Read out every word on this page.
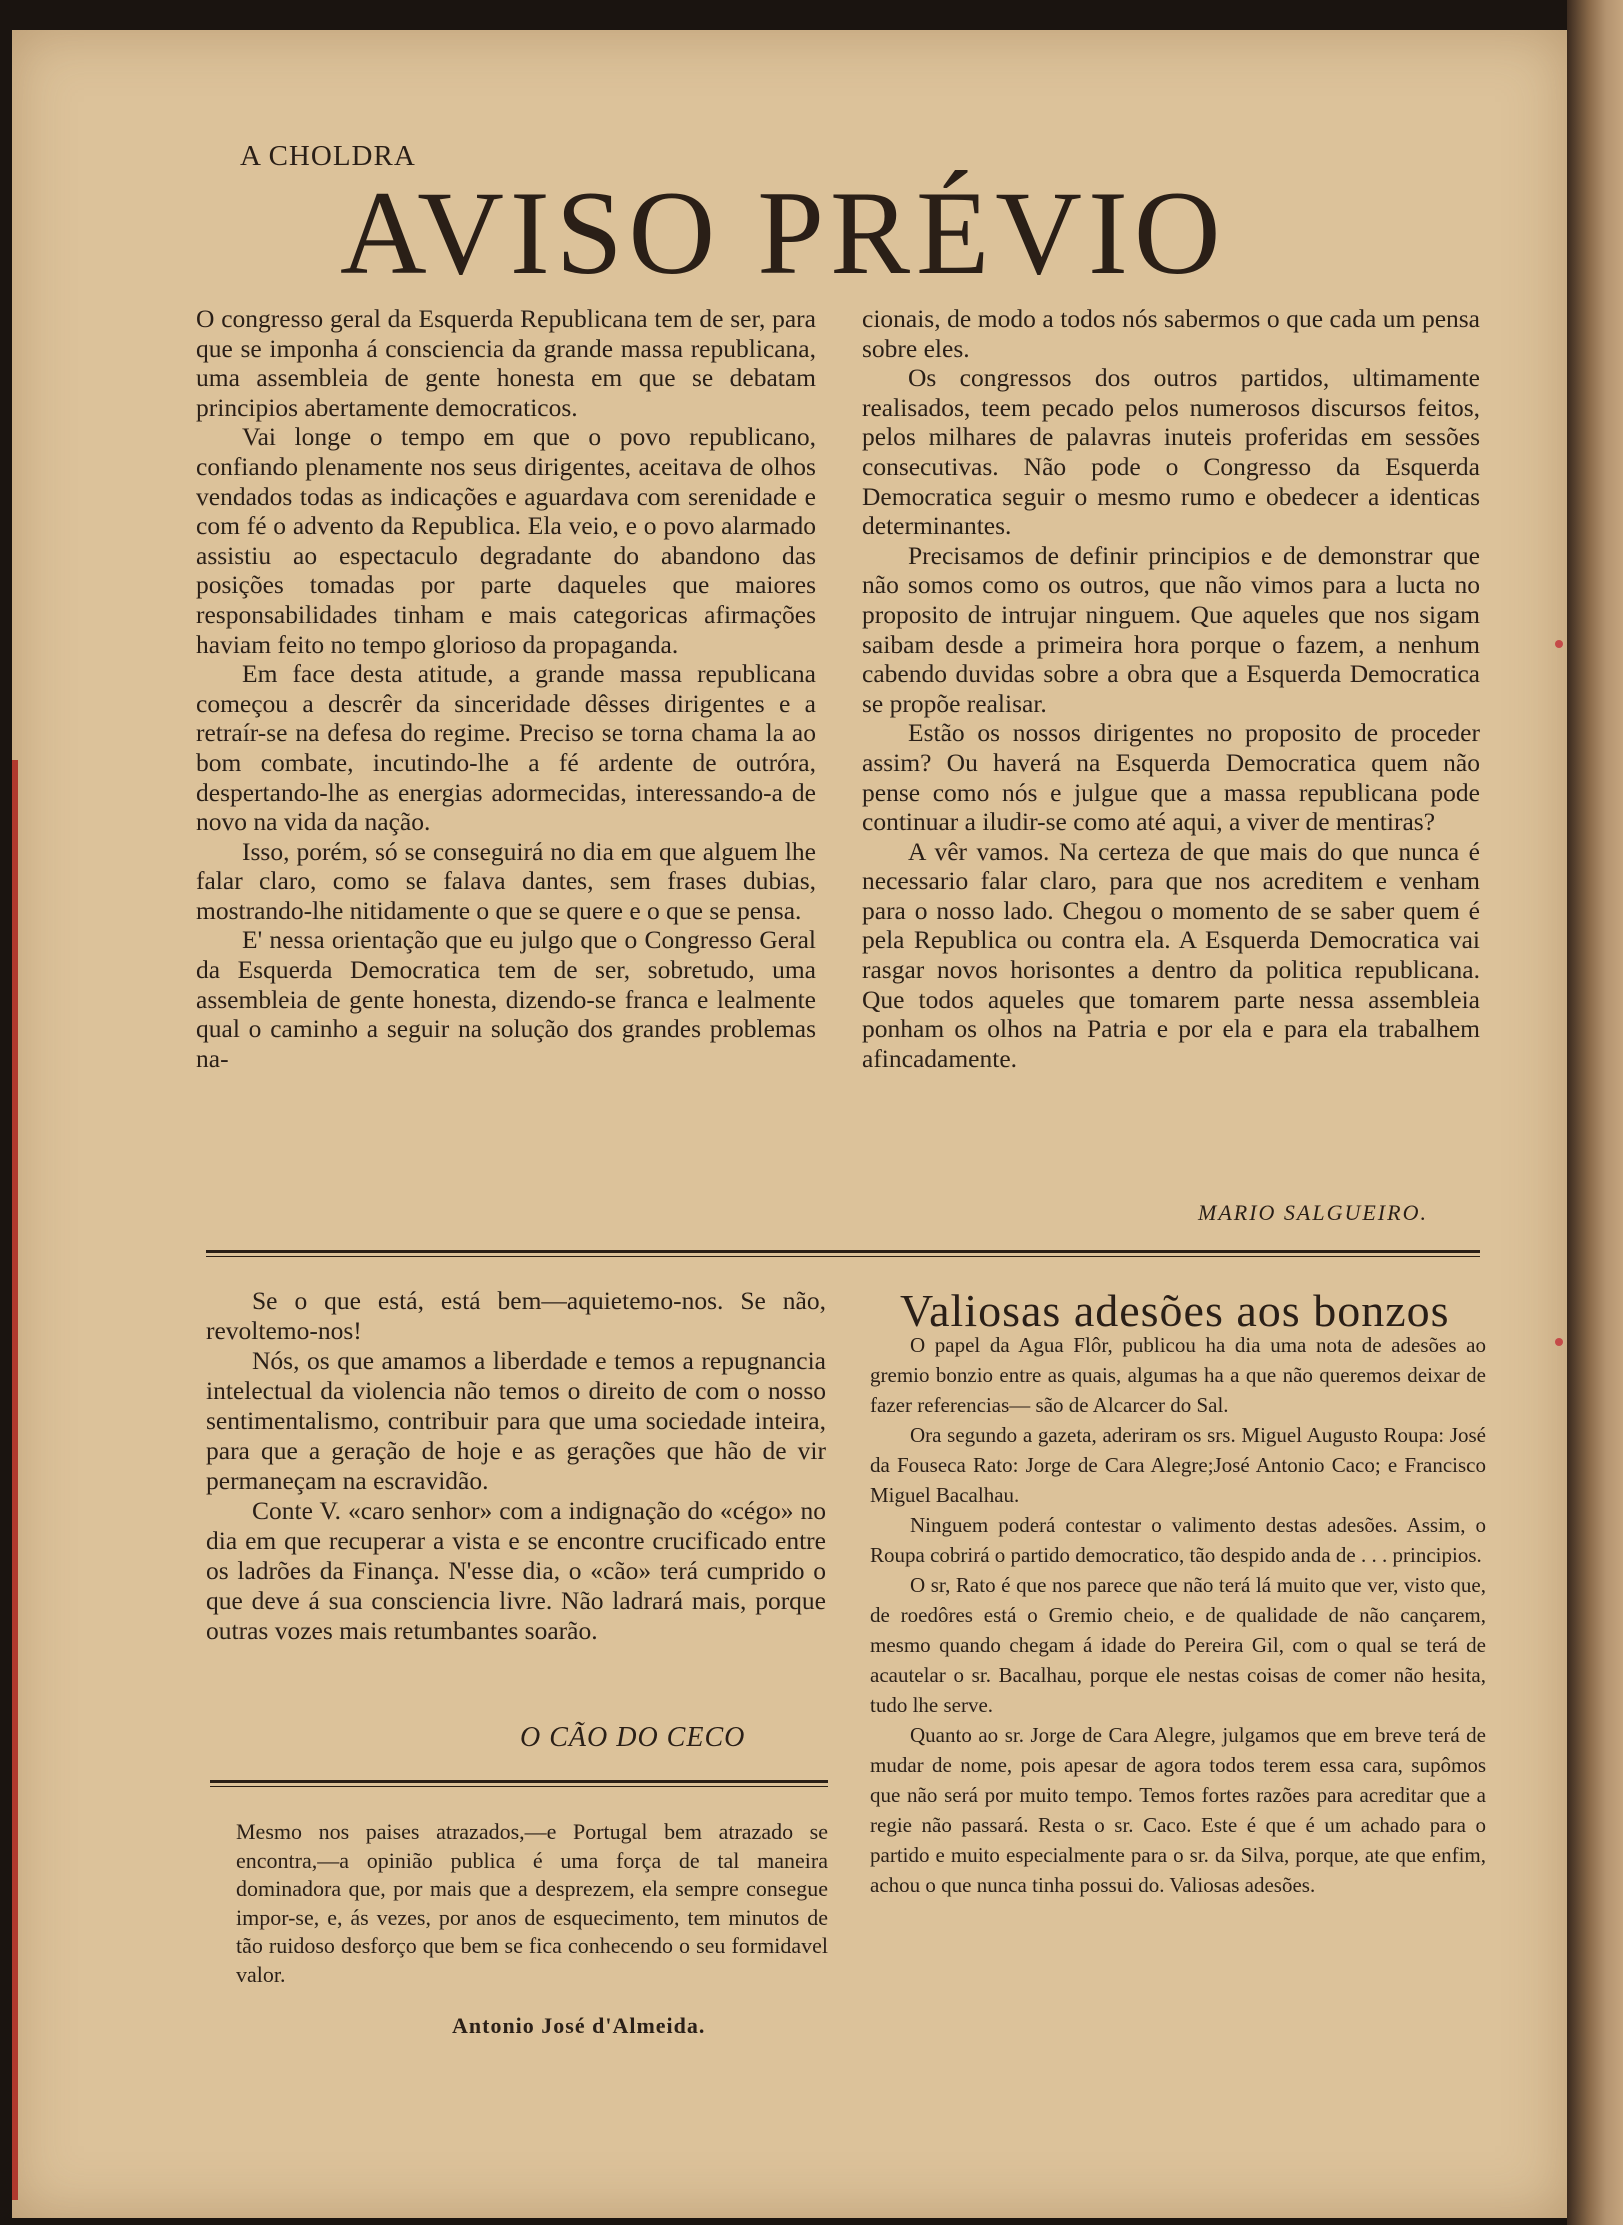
A CHOLDRA
AVISO PRÉVIO

O congresso geral da Esquerda Republicana tem de ser, para que se imponha á consciencia da grande massa republicana, uma assembleia de gente honesta em que se debatam principios abertamente democraticos.

Vai longe o tempo em que o povo republicano, confiando plenamente nos seus dirigentes, aceitava de olhos vendados todas as indicações e aguardava com serenidade e com fé o advento da Republica. Ela veio, e o povo alarmado assistiu ao espectaculo degradante do abandono das posições tomadas por parte daqueles que maiores responsabilidades tinham e mais categoricas afirmações haviam feito no tempo glorioso da propaganda.

Em face desta atitude, a grande massa republicana começou a descrêr da sinceridade dêsses dirigentes e a retraír-se na defesa do regime. Preciso se torna chama la ao bom combate, incutindo-lhe a fé ardente de outróra, despertando-lhe as energias adormecidas, interessando-a de novo na vida da nação.

Isso, porém, só se conseguirá no dia em que alguem lhe falar claro, como se falava dantes, sem frases dubias, mostrando-lhe nitidamente o que se quere e o que se pensa.

E' nessa orientação que eu julgo que o Congresso Geral da Esquerda Democratica tem de ser, sobretudo, uma assembleia de gente honesta, dizendo-se franca e lealmente qual o caminho a seguir na solução dos grandes problemas na-

cionais, de modo a todos nós sabermos o que cada um pensa sobre eles.

Os congressos dos outros partidos, ultimamente realisados, teem pecado pelos numerosos discursos feitos, pelos milhares de palavras inuteis proferidas em sessões consecutivas. Não pode o Congresso da Esquerda Democratica seguir o mesmo rumo e obedecer a identicas determinantes.

Precisamos de definir principios e de demonstrar que não somos como os outros, que não vimos para a lucta no proposito de intrujar ninguem. Que aqueles que nos sigam saibam desde a primeira hora porque o fazem, a nenhum cabendo duvidas sobre a obra que a Esquerda Democratica se propõe realisar.

Estão os nossos dirigentes no proposito de proceder assim? Ou haverá na Esquerda Democratica quem não pense como nós e julgue que a massa republicana pode continuar a iludir-se como até aqui, a viver de mentiras?

A vêr vamos. Na certeza de que mais do que nunca é necessario falar claro, para que nos acreditem e venham para o nosso lado. Chegou o momento de se saber quem é pela Republica ou contra ela. A Esquerda Democratica vai rasgar novos horisontes a dentro da politica republicana. Que todos aqueles que tomarem parte nessa assembleia ponham os olhos na Patria e por ela e para ela trabalhem afincadamente.

MARIO SALGUEIRO.

Se o que está, está bem—aquietemo-nos. Se não, revoltemo-nos!

Nós, os que amamos a liberdade e temos a repugnancia intelectual da violencia não temos o direito de com o nosso sentimentalismo, contribuir para que uma sociedade inteira, para que a geração de hoje e as gerações que hão de vir permaneçam na escravidão.

Conte V. «caro senhor» com a indignação do «cégo» no dia em que recuperar a vista e se encontre crucificado entre os ladrões da Finança. N'esse dia, o «cão» terá cumprido o que deve á sua consciencia livre. Não ladrará mais, porque outras vozes mais retumbantes soarão.

O CÃO DO CECO

Mesmo nos paises atrazados,—e Portugal bem atrazado se encontra,—a opinião publica é uma força de tal maneira dominadora que, por mais que a desprezem, ela sempre consegue impor-se, e, ás vezes, por anos de esquecimento, tem minutos de tão ruidoso desforço que bem se fica conhecendo o seu formidavel valor.

Antonio José d'Almeida.
Valiosas adesões aos bonzos

O papel da Agua Flôr, publicou ha dia uma nota de adesões ao gremio bonzio entre as quais, algumas ha a que não queremos deixar de fazer referencias— são de Alcarcer do Sal.

Ora segundo a gazeta, aderiram os srs. Miguel Augusto Roupa: José da Fouseca Rato: Jorge de Cara Alegre;José Antonio Caco; e Francisco Miguel Bacalhau.

Ninguem poderá contestar o valimento destas adesões. Assim, o Roupa cobrirá o partido democratico, tão despido anda de . . . principios.

O sr, Rato é que nos parece que não terá lá muito que ver, visto que, de roedôres está o Gremio cheio, e de qualidade de não cançarem, mesmo quando chegam á idade do Pereira Gil, com o qual se terá de acautelar o sr. Bacalhau, porque ele nestas coisas de comer não hesita, tudo lhe serve.

Quanto ao sr. Jorge de Cara Alegre, julgamos que em breve terá de mudar de nome, pois apesar de agora todos terem essa cara, supômos que não será por muito tempo. Temos fortes razões para acreditar que a regie não passará. Resta o sr. Caco. Este é que é um achado para o partido e muito especialmente para o sr. da Silva, porque, ate que enfim, achou o que nunca tinha possui do. Valiosas adesões.
